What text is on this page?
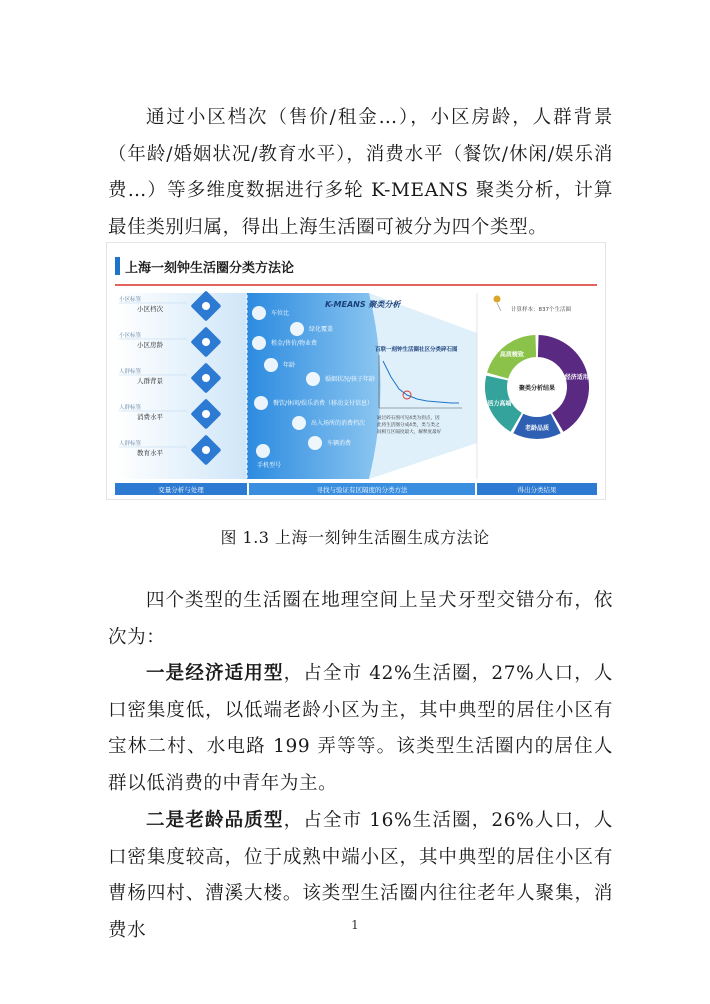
通过小区档次（售价/租金…），小区房龄，人群背景（年龄/婚姻状况/教育水平），消费水平（餐饮/休闲/娱乐消费…）等多维度数据进行多轮 K-MEANS 聚类分析，计算最佳类别归属，得出上海生活圈可被分为四个类型。

上海一刻钟生活圈分类方法论
小区标签
小区档次
小区标签
小区房龄
人群标签
人群背景
人群标签
消费水平
人群标签
教育水平
车位比
绿化覆盖
租金/售价/物业费
年龄
婚姻状况/孩子年龄
餐饮/休闲/娱乐消费（移动支付信息）
出入场所的消费档次
车辆消费
手机型号
K-MEANS 聚类分析
百联一刻钟生活圈社区分类碎石图
通过碎石图可见4类为拐点，因
此将生活圈分成4类，类与类之
间相互区隔度最大，解释度最好
计算样本：837个生活圈
经济适用
老龄品质
活力高端
高质精致
聚类分析结果
变量分析与处理	寻找与验证有区隔度的分类方法	得出分类结果
图 1.3 上海一刻钟生活圈生成方法论

四个类型的生活圈在地理空间上呈犬牙型交错分布，依次为：

一是经济适用型，占全市 42%生活圈，27%人口，人口密集度低，以低端老龄小区为主，其中典型的居住小区有宝林二村、水电路 199 弄等等。该类型生活圈内的居住人群以低消费的中青年为主。

二是老龄品质型，占全市 16%生活圈，26%人口，人口密集度较高，位于成熟中端小区，其中典型的居住小区有曹杨四村、漕溪大楼。该类型生活圈内往往老年人聚集，消费水	1
